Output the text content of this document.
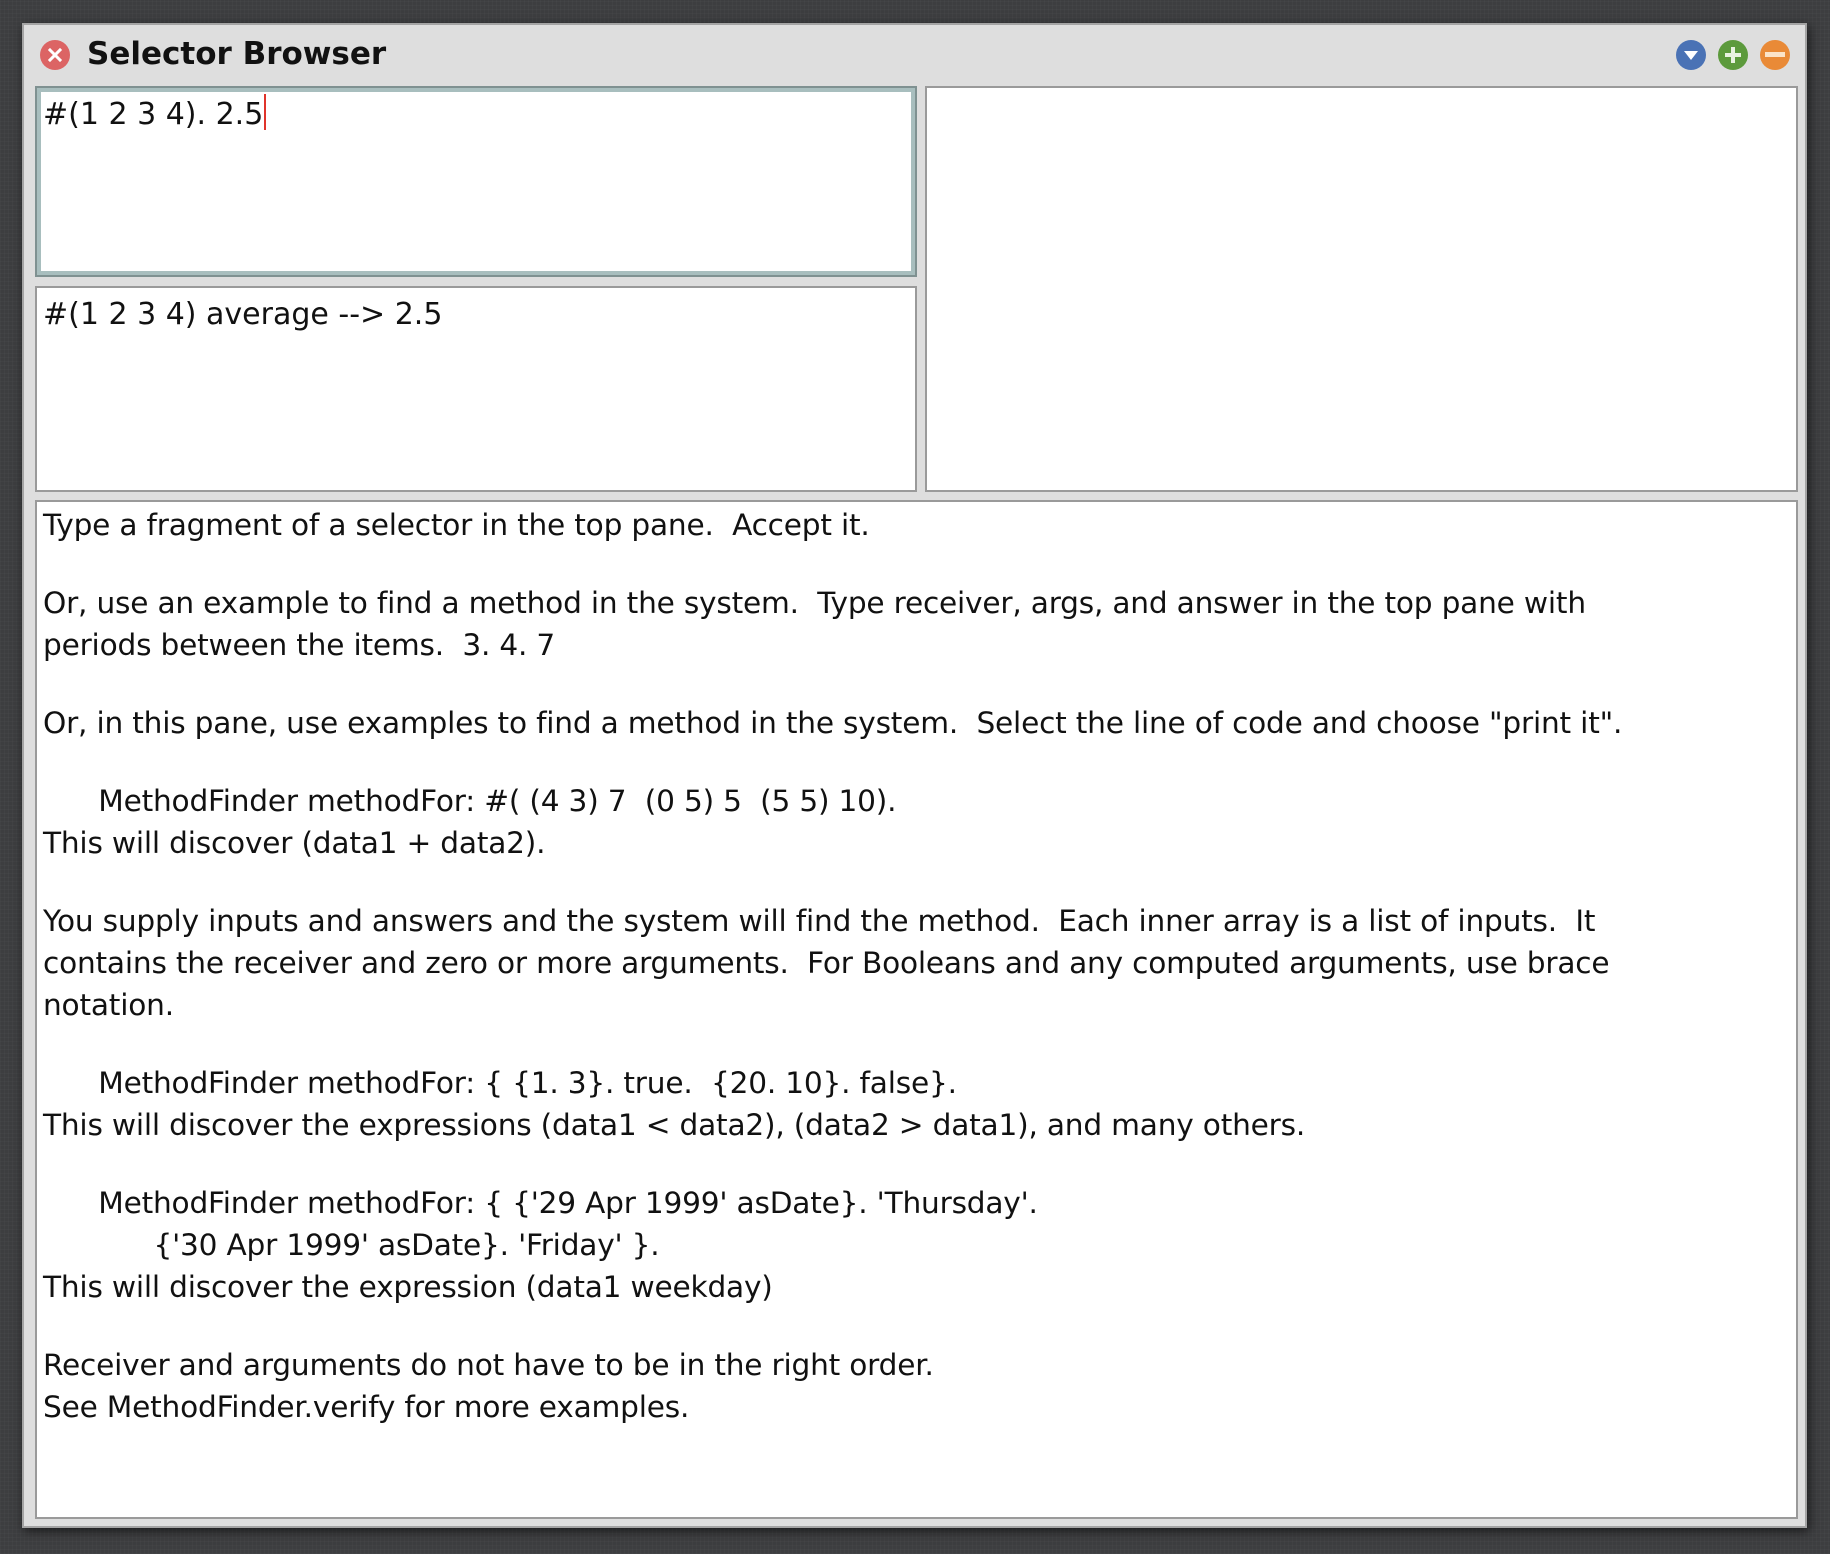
Selector Browser
#(1 2 3 4). 2.5
#(1 2 3 4) average --> 2.5
Type a fragment of a selector in the top pane.  Accept it.
Or, use an example to find a method in the system.  Type receiver, args, and answer in the top pane with
periods between the items.  3. 4. 7
Or, in this pane, use examples to find a method in the system.  Select the line of code and choose "print it".
MethodFinder methodFor: #( (4 3) 7  (0 5) 5  (5 5) 10).
This will discover (data1 + data2).
You supply inputs and answers and the system will find the method.  Each inner array is a list of inputs.  It
contains the receiver and zero or more arguments.  For Booleans and any computed arguments, use brace
notation.
MethodFinder methodFor: { {1. 3}. true.  {20. 10}. false}.
This will discover the expressions (data1 < data2), (data2 > data1), and many others.
MethodFinder methodFor: { {'29 Apr 1999' asDate}. 'Thursday'.
{'30 Apr 1999' asDate}. 'Friday' }.
This will discover the expression (data1 weekday)
Receiver and arguments do not have to be in the right order.
See MethodFinder.verify for more examples.
